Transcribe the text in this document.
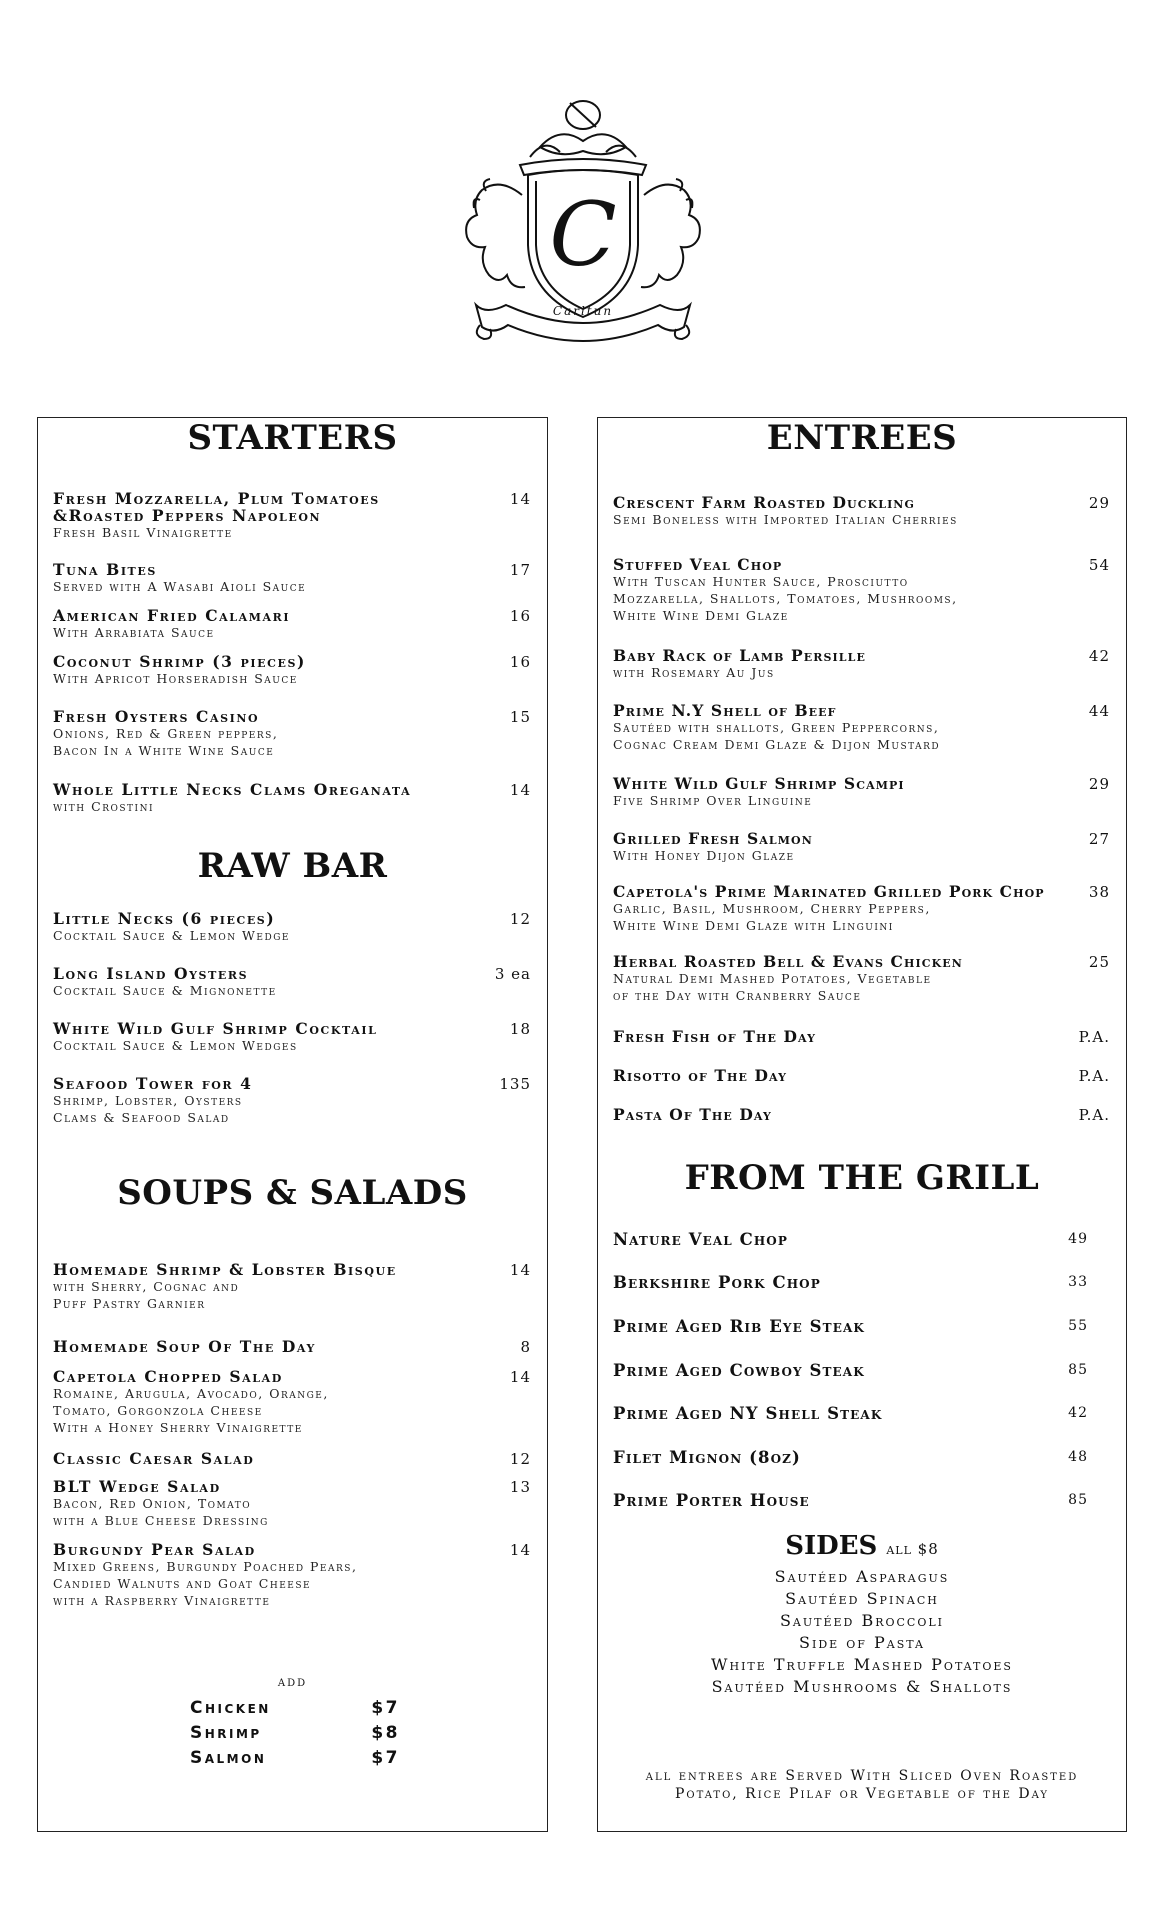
C
Carltun
STARTERS
Fresh Mozzarella, Plum Tomatoes &Roasted Peppers Napoleon
Fresh Basil Vinaigrette
14
Tuna Bites
Served with A Wasabi Aioli Sauce
17
American Fried Calamari
With Arrabiata Sauce
16
Coconut Shrimp (3 pieces)
With Apricot Horseradish Sauce
16
Fresh Oysters Casino
Onions, Red & Green peppers,
Bacon In a White Wine Sauce
15
Whole Little Necks Clams Oreganata
with Crostini
14
RAW BAR
Little Necks (6 pieces)
Cocktail Sauce & Lemon Wedge
12
Long Island Oysters
Cocktail Sauce & Mignonette
3 ea
White Wild Gulf Shrimp Cocktail
Cocktail Sauce & Lemon Wedges
18
Seafood Tower for 4
Shrimp, Lobster, Oysters
Clams & Seafood Salad
135
SOUPS & SALADS
Homemade Shrimp & Lobster Bisque
with Sherry, Cognac and
Puff Pastry Garnier
14
Homemade Soup Of The Day	8
Capetola Chopped Salad
Romaine, Arugula, Avocado, Orange,
Tomato, Gorgonzola Cheese
With a Honey Sherry Vinaigrette
14
Classic Caesar Salad	12
BLT Wedge Salad
Bacon, Red Onion, Tomato
with a Blue Cheese Dressing
13
Burgundy Pear Salad
Mixed Greens, Burgundy Poached Pears,
Candied Walnuts and Goat Cheese
with a Raspberry Vinaigrette
14
add
Chicken	$7
Shrimp	$8
Salmon	$7
ENTREES
Crescent Farm Roasted Duckling
Semi Boneless with Imported Italian Cherries
29
Stuffed Veal Chop
With Tuscan Hunter Sauce, Prosciutto
Mozzarella, Shallots, Tomatoes, Mushrooms,
White Wine Demi Glaze
54
Baby Rack of Lamb Persille
with Rosemary Au Jus
42
Prime N.Y Shell of Beef
Sautéed with shallots, Green Peppercorns,
Cognac Cream Demi Glaze & Dijon Mustard
44
White Wild Gulf Shrimp Scampi
Five Shrimp Over Linguine
29
Grilled Fresh Salmon
With Honey Dijon Glaze
27
Capetola's Prime Marinated Grilled Pork Chop
Garlic, Basil, Mushroom, Cherry Peppers,
White Wine Demi Glaze with Linguini
38
Herbal Roasted Bell & Evans Chicken
Natural Demi Mashed Potatoes, Vegetable
of the Day with Cranberry Sauce
25
Fresh Fish of The Day	P.A.
Risotto of The Day	P.A.
Pasta Of The Day	P.A.
FROM THE GRILL
Nature Veal Chop	49
Berkshire Pork Chop	33
Prime Aged Rib Eye Steak	55
Prime Aged Cowboy Steak	85
Prime Aged NY Shell Steak	42
Filet Mignon (8oz)	48
Prime Porter House	85
SIDES all $8
Sautéed Asparagus
Sautéed Spinach
Sautéed Broccoli
Side of Pasta
White Truffle Mashed Potatoes
Sautéed Mushrooms & Shallots
all entrees are Served With Sliced Oven Roasted
Potato, Rice Pilaf or Vegetable of the Day
